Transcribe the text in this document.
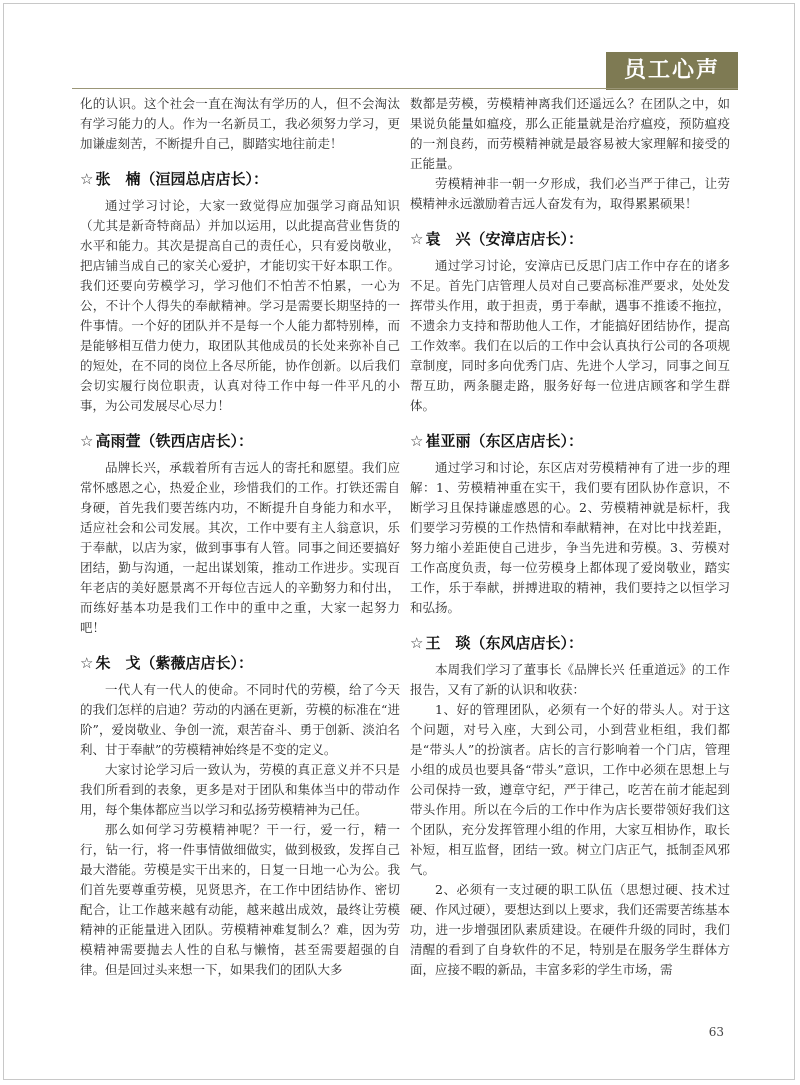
员工心声

化的认识。这个社会一直在淘汰有学历的人，但不会淘汰有学习能力的人。作为一名新员工，我必须努力学习，更加谦虚刻苦，不断提升自己，脚踏实地往前走！

☆ 张　楠（洹园总店店长）：

通过学习讨论，大家一致觉得应加强学习商品知识（尤其是新奇特商品）并加以运用，以此提高营业售货的水平和能力。其次是提高自己的责任心，只有爱岗敬业，把店铺当成自己的家关心爱护，才能切实干好本职工作。我们还要向劳模学习，学习他们不怕苦不怕累，一心为公，不计个人得失的奉献精神。学习是需要长期坚持的一件事情。一个好的团队并不是每一个人能力都特别棒，而是能够相互借力使力，取团队其他成员的长处来弥补自己的短处，在不同的岗位上各尽所能，协作创新。以后我们会切实履行岗位职责，认真对待工作中每一件平凡的小事，为公司发展尽心尽力！

☆ 高雨萱（铁西店店长）：

品牌长兴，承载着所有吉远人的寄托和愿望。我们应常怀感恩之心，热爱企业，珍惜我们的工作。打铁还需自身硬，首先我们要苦练内功，不断提升自身能力和水平，适应社会和公司发展。其次，工作中要有主人翁意识，乐于奉献，以店为家，做到事事有人管。同事之间还要搞好团结，勤与沟通，一起出谋划策，推动工作进步。实现百年老店的美好愿景离不开每位吉远人的辛勤努力和付出，而练好基本功是我们工作中的重中之重，大家一起努力吧！

☆ 朱　戈（紫薇店店长）：

一代人有一代人的使命。不同时代的劳模，给了今天的我们怎样的启迪？劳动的内涵在更新，劳模的标准在“进阶”，爱岗敬业、争创一流，艰苦奋斗、勇于创新、淡泊名利、甘于奉献”的劳模精神始终是不变的定义。

大家讨论学习后一致认为，劳模的真正意义并不只是我们所看到的表象，更多是对于团队和集体当中的带动作用，每个集体都应当以学习和弘扬劳模精神为己任。

那么如何学习劳模精神呢？干一行，爱一行，精一行，钻一行，将一件事情做细做实，做到极致，发挥自己最大潜能。劳模是实干出来的，日复一日地一心为公。我们首先要尊重劳模，见贤思齐，在工作中团结协作、密切配合，让工作越来越有动能，越来越出成效，最终让劳模精神的正能量进入团队。劳模精神难复制么？难，因为劳模精神需要抛去人性的自私与懒惰，甚至需要超强的自律。但是回过头来想一下，如果我们的团队大多

数都是劳模，劳模精神离我们还遥远么？在团队之中，如果说负能量如瘟疫，那么正能量就是治疗瘟疫，预防瘟疫的一剂良药，而劳模精神就是最容易被大家理解和接受的正能量。

劳模精神非一朝一夕形成，我们必当严于律己，让劳模精神永远激励着吉远人奋发有为，取得累累硕果！

☆ 袁　兴（安漳店店长）：

通过学习讨论，安漳店已反思门店工作中存在的诸多不足。首先门店管理人员对自己要高标准严要求，处处发挥带头作用，敢于担责，勇于奉献，遇事不推诿不拖拉，不遗余力支持和帮助他人工作，才能搞好团结协作，提高工作效率。我们在以后的工作中会认真执行公司的各项规章制度，同时多向优秀门店、先进个人学习，同事之间互帮互助，两条腿走路，服务好每一位进店顾客和学生群体。

☆ 崔亚丽（东区店店长）：

通过学习和讨论，东区店对劳模精神有了进一步的理解：1、劳模精神重在实干，我们要有团队协作意识，不断学习且保持谦虚感恩的心。2、劳模精神就是标杆，我们要学习劳模的工作热情和奉献精神，在对比中找差距，努力缩小差距使自己进步，争当先进和劳模。3、劳模对工作高度负责，每一位劳模身上都体现了爱岗敬业，踏实工作，乐于奉献，拼搏进取的精神，我们要持之以恒学习和弘扬。

☆ 王　琰（东风店店长）：

本周我们学习了董事长《品牌长兴 任重道远》的工作报告，又有了新的认识和收获：

1、好的管理团队，必须有一个好的带头人。对于这个问题，对号入座，大到公司，小到营业柜组，我们都是“带头人”的扮演者。店长的言行影响着一个门店，管理小组的成员也要具备“带头”意识，工作中必须在思想上与公司保持一致，遵章守纪，严于律己，吃苦在前才能起到带头作用。所以在今后的工作中作为店长要带领好我们这个团队，充分发挥管理小组的作用，大家互相协作，取长补短，相互监督，团结一致。树立门店正气，抵制歪风邪气。

2、必须有一支过硬的职工队伍（思想过硬、技术过硬、作风过硬），要想达到以上要求，我们还需要苦练基本功，进一步增强团队素质建设。在硬件升级的同时，我们清醒的看到了自身软件的不足，特别是在服务学生群体方面，应接不暇的新品，丰富多彩的学生市场，需

63
